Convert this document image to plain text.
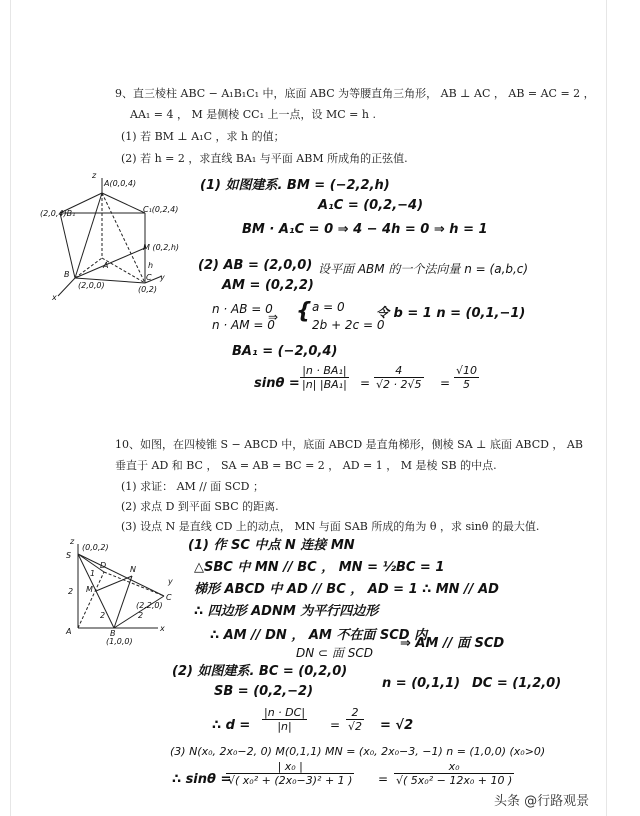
9、直三棱柱 ABC − A₁B₁C₁ 中，底面 ABC 为等腰直角三角形， AB ⊥ AC ， AB = AC = 2 ，
AA₁ = 4 ， M 是侧棱 CC₁ 上一点，设 MC = h .
(1) 若 BM ⊥ A₁C ，求 h 的值；
(2) 若 h = 2 ，求直线 BA₁ 与平面 ABM 所成角的正弦值.
z
A(0,0,4)
(2,0,4)B₁	C₁(0,2,4)
M (0,2,h)
h
B
A
C
(2,0,0)	(0,2)
x
y
(1) 如图建系. BM = (−2,2,h)
A₁C = (0,2,−4)
BM · A₁C = 0 ⇒ 4 − 4h = 0 ⇒ h = 1
(2) AB = (2,0,0) 设平面 ABM 的一个法向量 n = (a,b,c)
AM = (0,2,2)
n · AB = 0
n · AM = 0
⇒ { a = 0
2b + 2c = 0
令 b = 1 n = (0,1,−1)
BA₁ = (−2,0,4)
$\sin\theta = \frac{\text{|n · BA₁|}}{\text{|n| |BA₁|}} = \frac{4}{√2 \cdot 2√5} = \frac{√10}{5}$
10、如图，在四棱锥 S − ABCD 中，底面 ABCD 是直角梯形，侧棱 SA ⊥ 底面 ABCD ， AB
垂直于 AD 和 BC ， SA = AB = BC = 2 ， AD = 1 ， M 是棱 SB 的中点.
(1) 求证： AM // 面 SCD ；
(2) 求点 D 到平面 SBC 的距离.
(3) 设点 N 是直线 CD 上的动点， MN 与面 SAB 所成的角为 θ ，求 sinθ 的最大值.
S
(0,0,2)
z
D	N
M
2
2	2
1
A	B
C
(2,2,0)
(1,0,0)
x
y
(1) 作 SC 中点 N 连接 MN
△SBC 中 MN // BC ， MN = ½BC = 1
梯形 ABCD 中 AD // BC ， AD = 1 ∴ MN // AD
∴ 四边形 ADNM 为平行四边形
∴ AM // DN ， AM 不在面 SCD 内
DN ⊂ 面 SCD
⇒ AM // 面 SCD
(2) 如图建系. BC = (0,2,0)
SB = (0,2,−2)
n = (0,1,1) DC = (1,2,0)
∴ $d = \frac{|n \cdot DC|}{|n|} = \frac{2}{√2} = √2$
(3) N(x₀, 2x₀−2, 0) M(0,1,1) MN = (x₀, 2x₀−3, −1) n = (1,0,0) (x₀>0)
∴ sinθ =
$\frac{\text{| x₀ |}}{\text{√( x₀² + (2x₀−3)² + 1 )}} = \frac{\text{x₀}}{\text{√( 5x₀² − 12x₀ + 10 )}}$
头条 @行路观景
